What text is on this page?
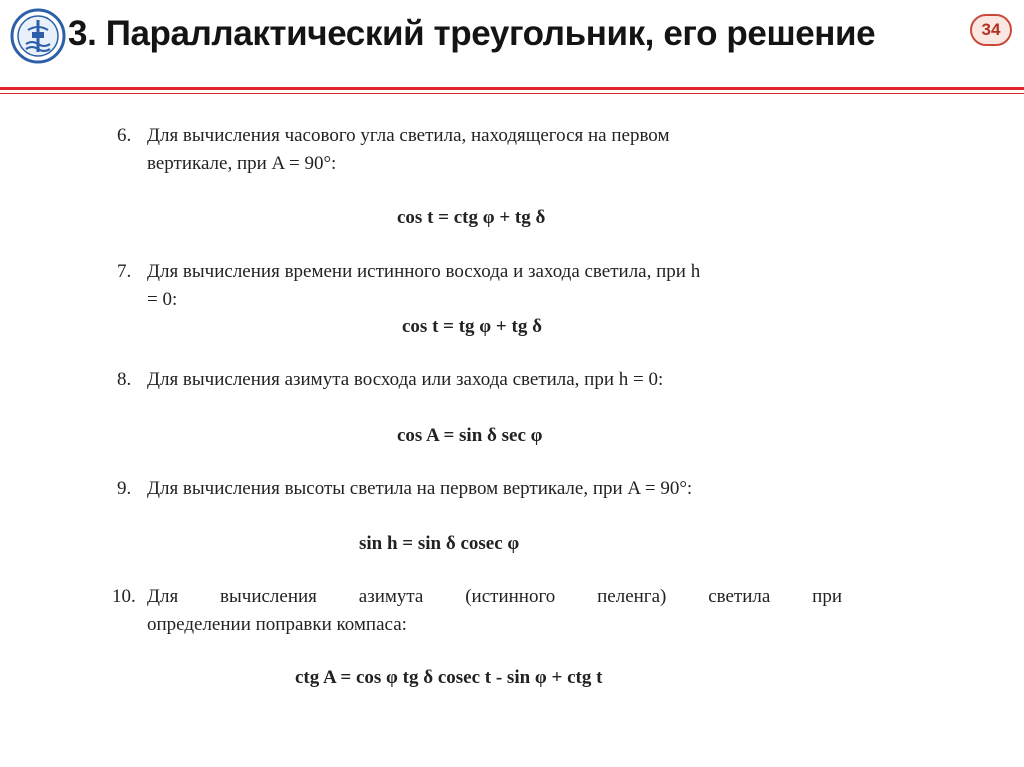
3. Параллактический треугольник, его решение	34
6. Для вычисления часового угла светила, находящегося на первом
вертикале, при A = 90°:
cos t = ctg φ + tg δ
7. Для вычисления времени истинного восхода и захода светила, при h
= 0:
cos t = tg φ + tg δ
8. Для вычисления азимута восхода или захода светила, при h = 0:
cos A = sin δ sec φ
9. Для вычисления высоты светила на первом вертикале, при A = 90°:
sin h = sin δ cosec φ
10. Для   вычисления   азимута   (истинного   пеленга)   светила   при
определении поправки компаса:
ctg A = cos φ tg δ cosec t - sin φ + ctg t
